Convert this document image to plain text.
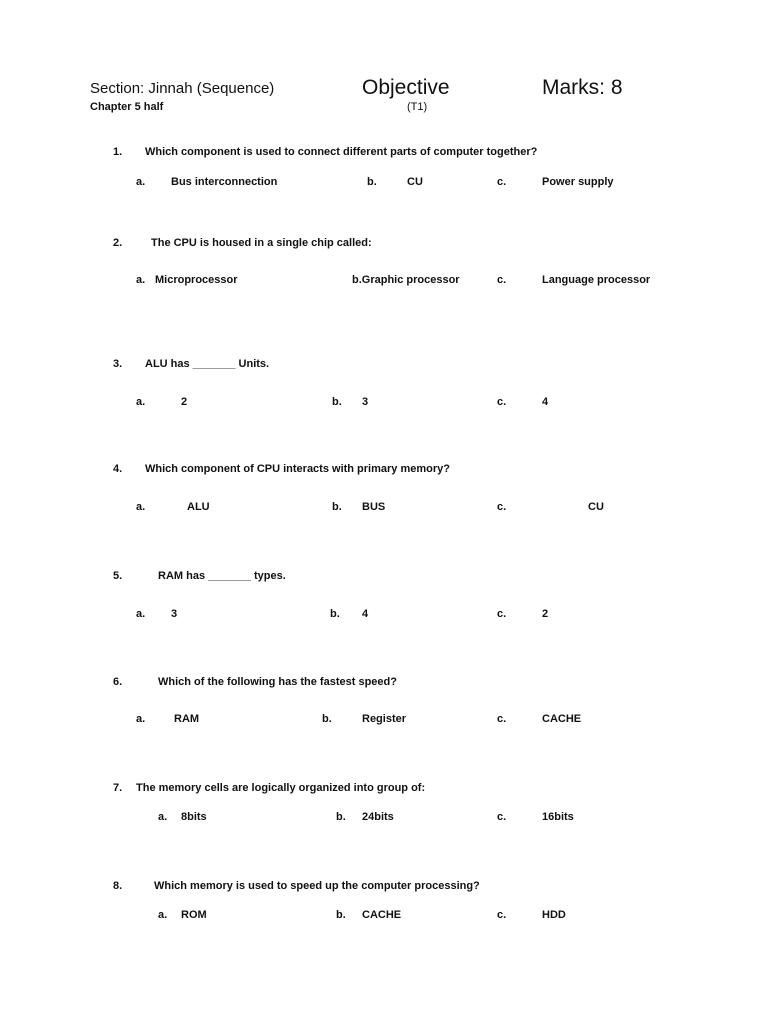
Section: Jinnah (Sequence)	Objective	Marks: 8
Chapter 5 half	(T1)
1. Which component is used to connect different parts of computer together?
a. Bus interconnection	b.	CU	c.	Power supply
2.	The CPU is housed in a single chip called:
a. Microprocessor	b.Graphic processor	c.	Language processor
3. ALU has _______ Units.
a.	2	b. 3	c.	4
4. Which component of CPU interacts with primary memory?
a.	ALU	b. BUS	c.	CU
5.	RAM has _______ types.
a. 3	b. 4	c.	2
6.	Which of the following has the fastest speed?
a.	RAM	b.	Register	c.	CACHE
7. The memory cells are logically organized into group of:
a. 8bits	b. 24bits	c.	16bits
8.	Which memory is used to speed up the computer processing?
a. ROM	b. CACHE	c.	HDD
